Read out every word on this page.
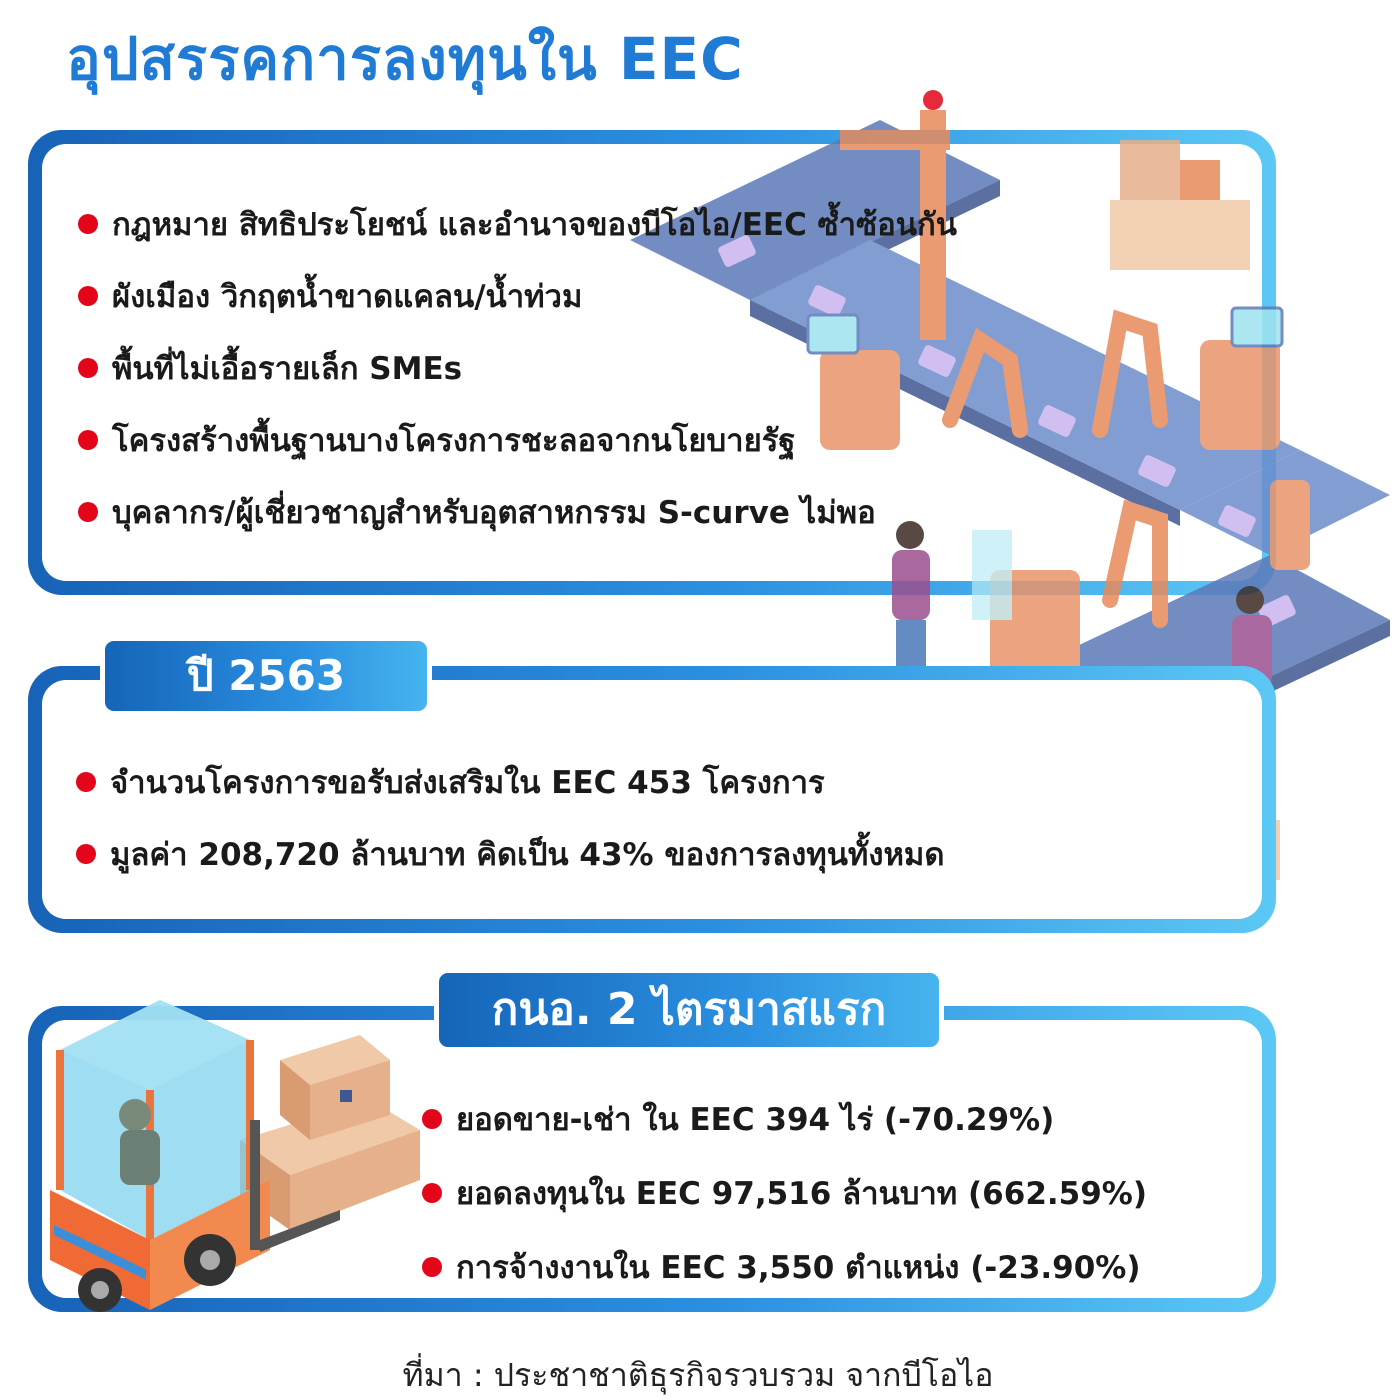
อุปสรรคการลงทุนใน EEC
กฎหมาย สิทธิประโยชน์ และอำนาจของบีโอไอ/EEC ซ้ำซ้อนกัน
ผังเมือง วิกฤตน้ำขาดแคลน/น้ำท่วม
พื้นที่ไม่เอื้อรายเล็ก SMEs
โครงสร้างพื้นฐานบางโครงการชะลอจากนโยบายรัฐ
บุคลากร/ผู้เชี่ยวชาญสำหรับอุตสาหกรรม S-curve ไม่พอ
ปี 2563
จำนวนโครงการขอรับส่งเสริมใน EEC 453 โครงการ
มูลค่า 208,720 ล้านบาท คิดเป็น 43% ของการลงทุนทั้งหมด
กนอ. 2 ไตรมาสแรก
ยอดขาย-เช่า ใน EEC 394 ไร่ (-70.29%)
ยอดลงทุนใน EEC 97,516 ล้านบาท (662.59%)
การจ้างงานใน EEC 3,550 ตำแหน่ง (-23.90%)
ที่มา : ประชาชาติธุรกิจรวบรวม จากบีโอไอ
